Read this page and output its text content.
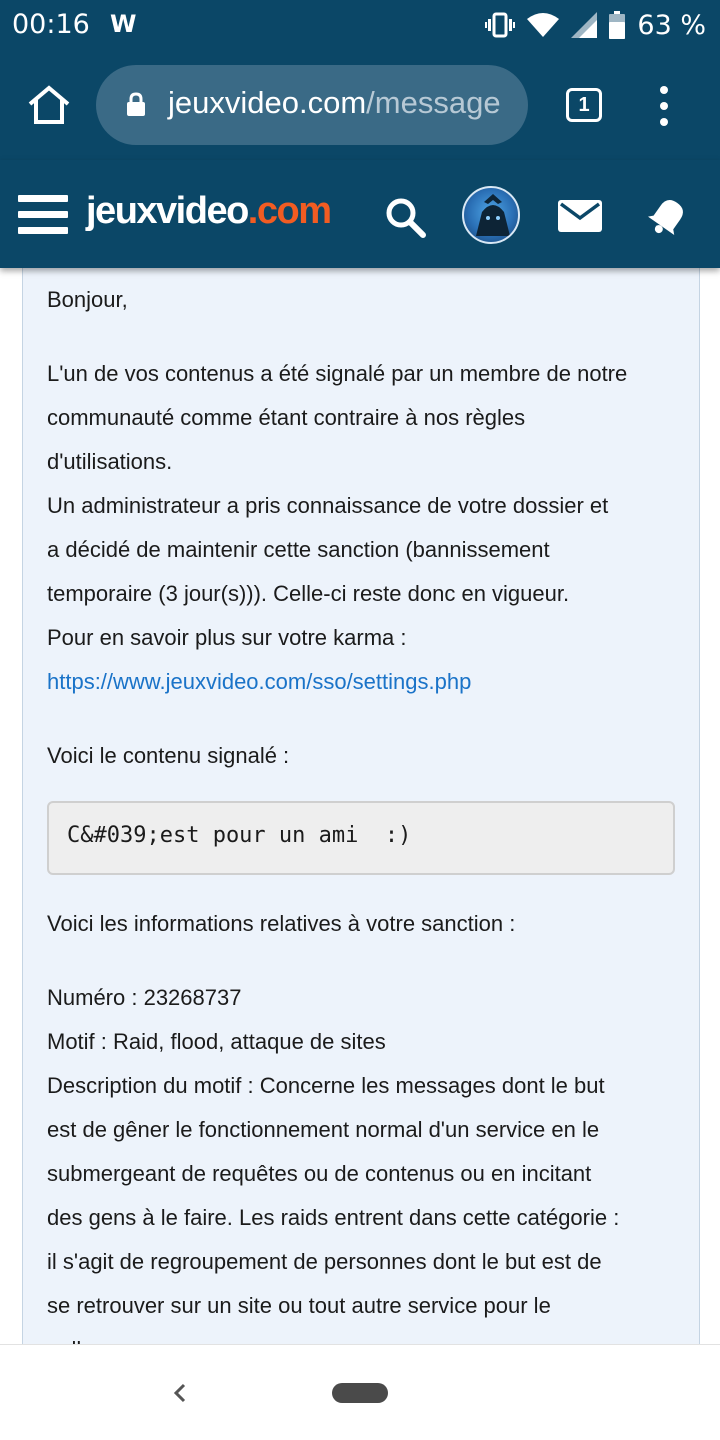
00:16 W	63 %
jeuxvideo.com/message	1
jeuxvideo.com
Bonjour,
L'un de vos contenus a été signalé par un membre de notre
communauté comme étant contraire à nos règles
d'utilisations.
Un administrateur a pris connaissance de votre dossier et
a décidé de maintenir cette sanction (bannissement
temporaire (3 jour(s))). Celle-ci reste donc en vigueur.
Pour en savoir plus sur votre karma :
https://www.jeuxvideo.com/sso/settings.php
Voici le contenu signalé :
Voici les informations relatives à votre sanction :
Numéro : 23268737
Motif : Raid, flood, attaque de sites
Description du motif : Concerne les messages dont le but
est de gêner le fonctionnement normal d'un service en le
submergeant de requêtes ou de contenus ou en incitant
des gens à le faire. Les raids entrent dans cette catégorie :
il s'agit de regroupement de personnes dont le but est de
se retrouver sur un site ou tout autre service pour le
C&#039;est pour un ami  :)
